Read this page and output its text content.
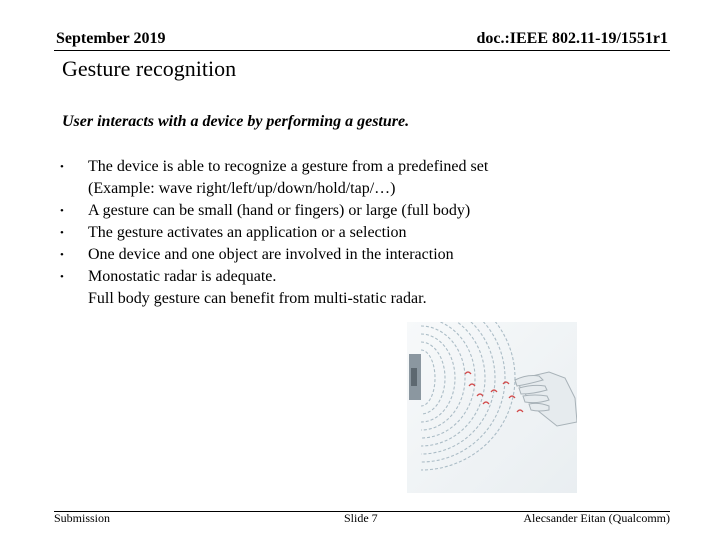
September 2019	doc.:IEEE 802.11-19/1551r1
Gesture recognition
User interacts with a device by performing a gesture.
•	The device is able to recognize a gesture from a predefined set
(Example: wave right/left/up/down/hold/tap/…)
•	A gesture can be small (hand or fingers) or large (full body)
•	The gesture activates an application or a selection
•	One device and one object are involved in the interaction
•	Monostatic radar is adequate.
Full body gesture can benefit from multi-static radar.
Submission	Slide 7	Alecsander Eitan (Qualcomm)
